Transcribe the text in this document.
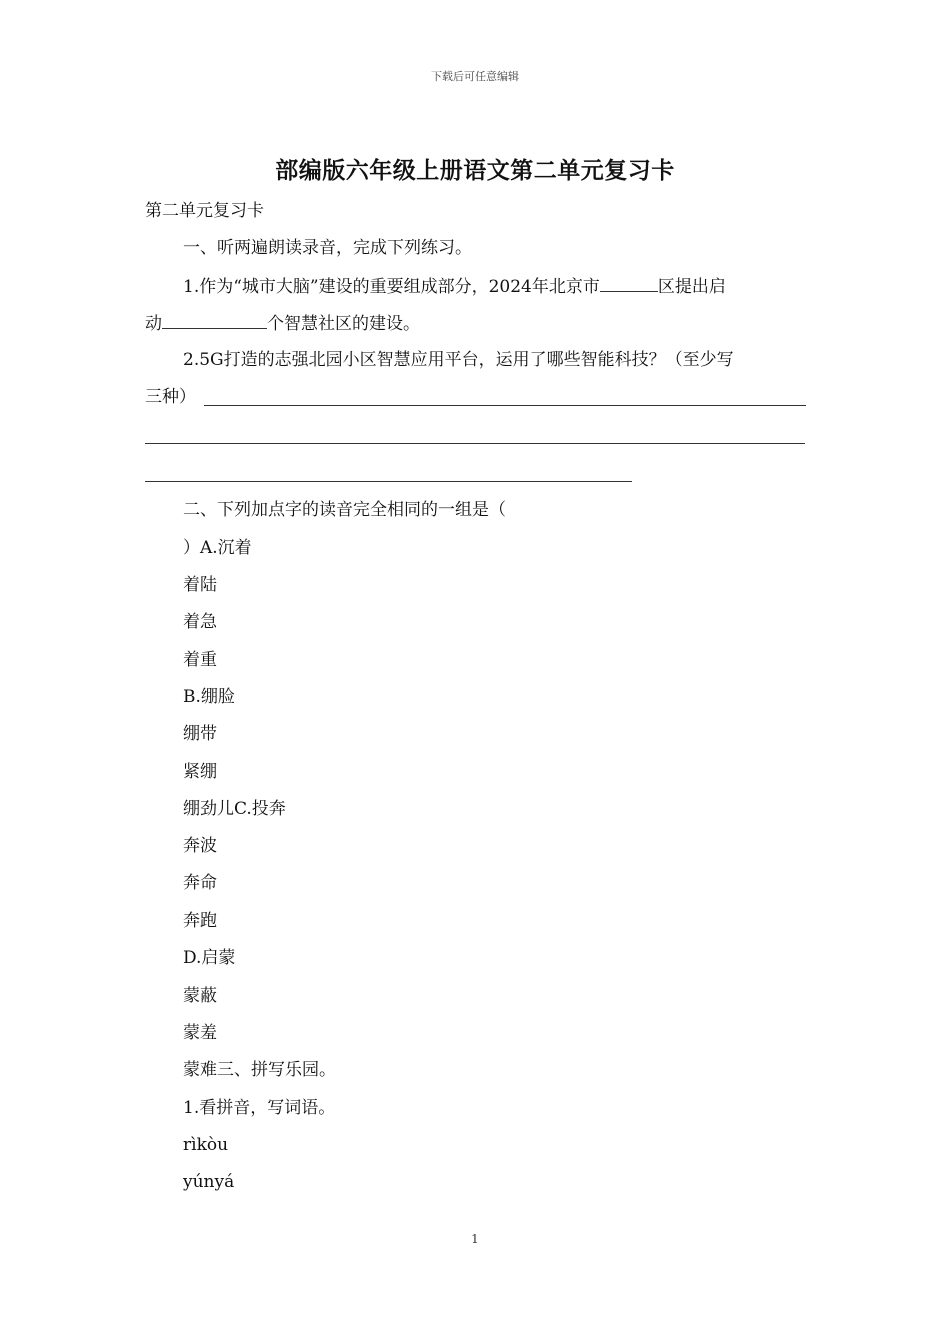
下载后可任意编辑
部编版六年级上册语文第二单元复习卡
第二单元复习卡
一、听两遍朗读录音，完成下列练习。
1.作为“城市大脑”建设的重要组成部分，2024年北京市	区提出启
动	个智慧社区的建设。
2.5G打造的志强北园小区智慧应用平台，运用了哪些智能科技？（至少写
三种）
二、下列加点字的读音完全相同的一组是（
）A.沉着
着陆
着急
着重
B.绷脸
绷带
紧绷
绷劲儿C.投奔
奔波
奔命
奔跑
D.启蒙
蒙蔽
蒙羞
蒙难三、拼写乐园。
1.看拼音，写词语。
rìkòu
yúnyá
1
